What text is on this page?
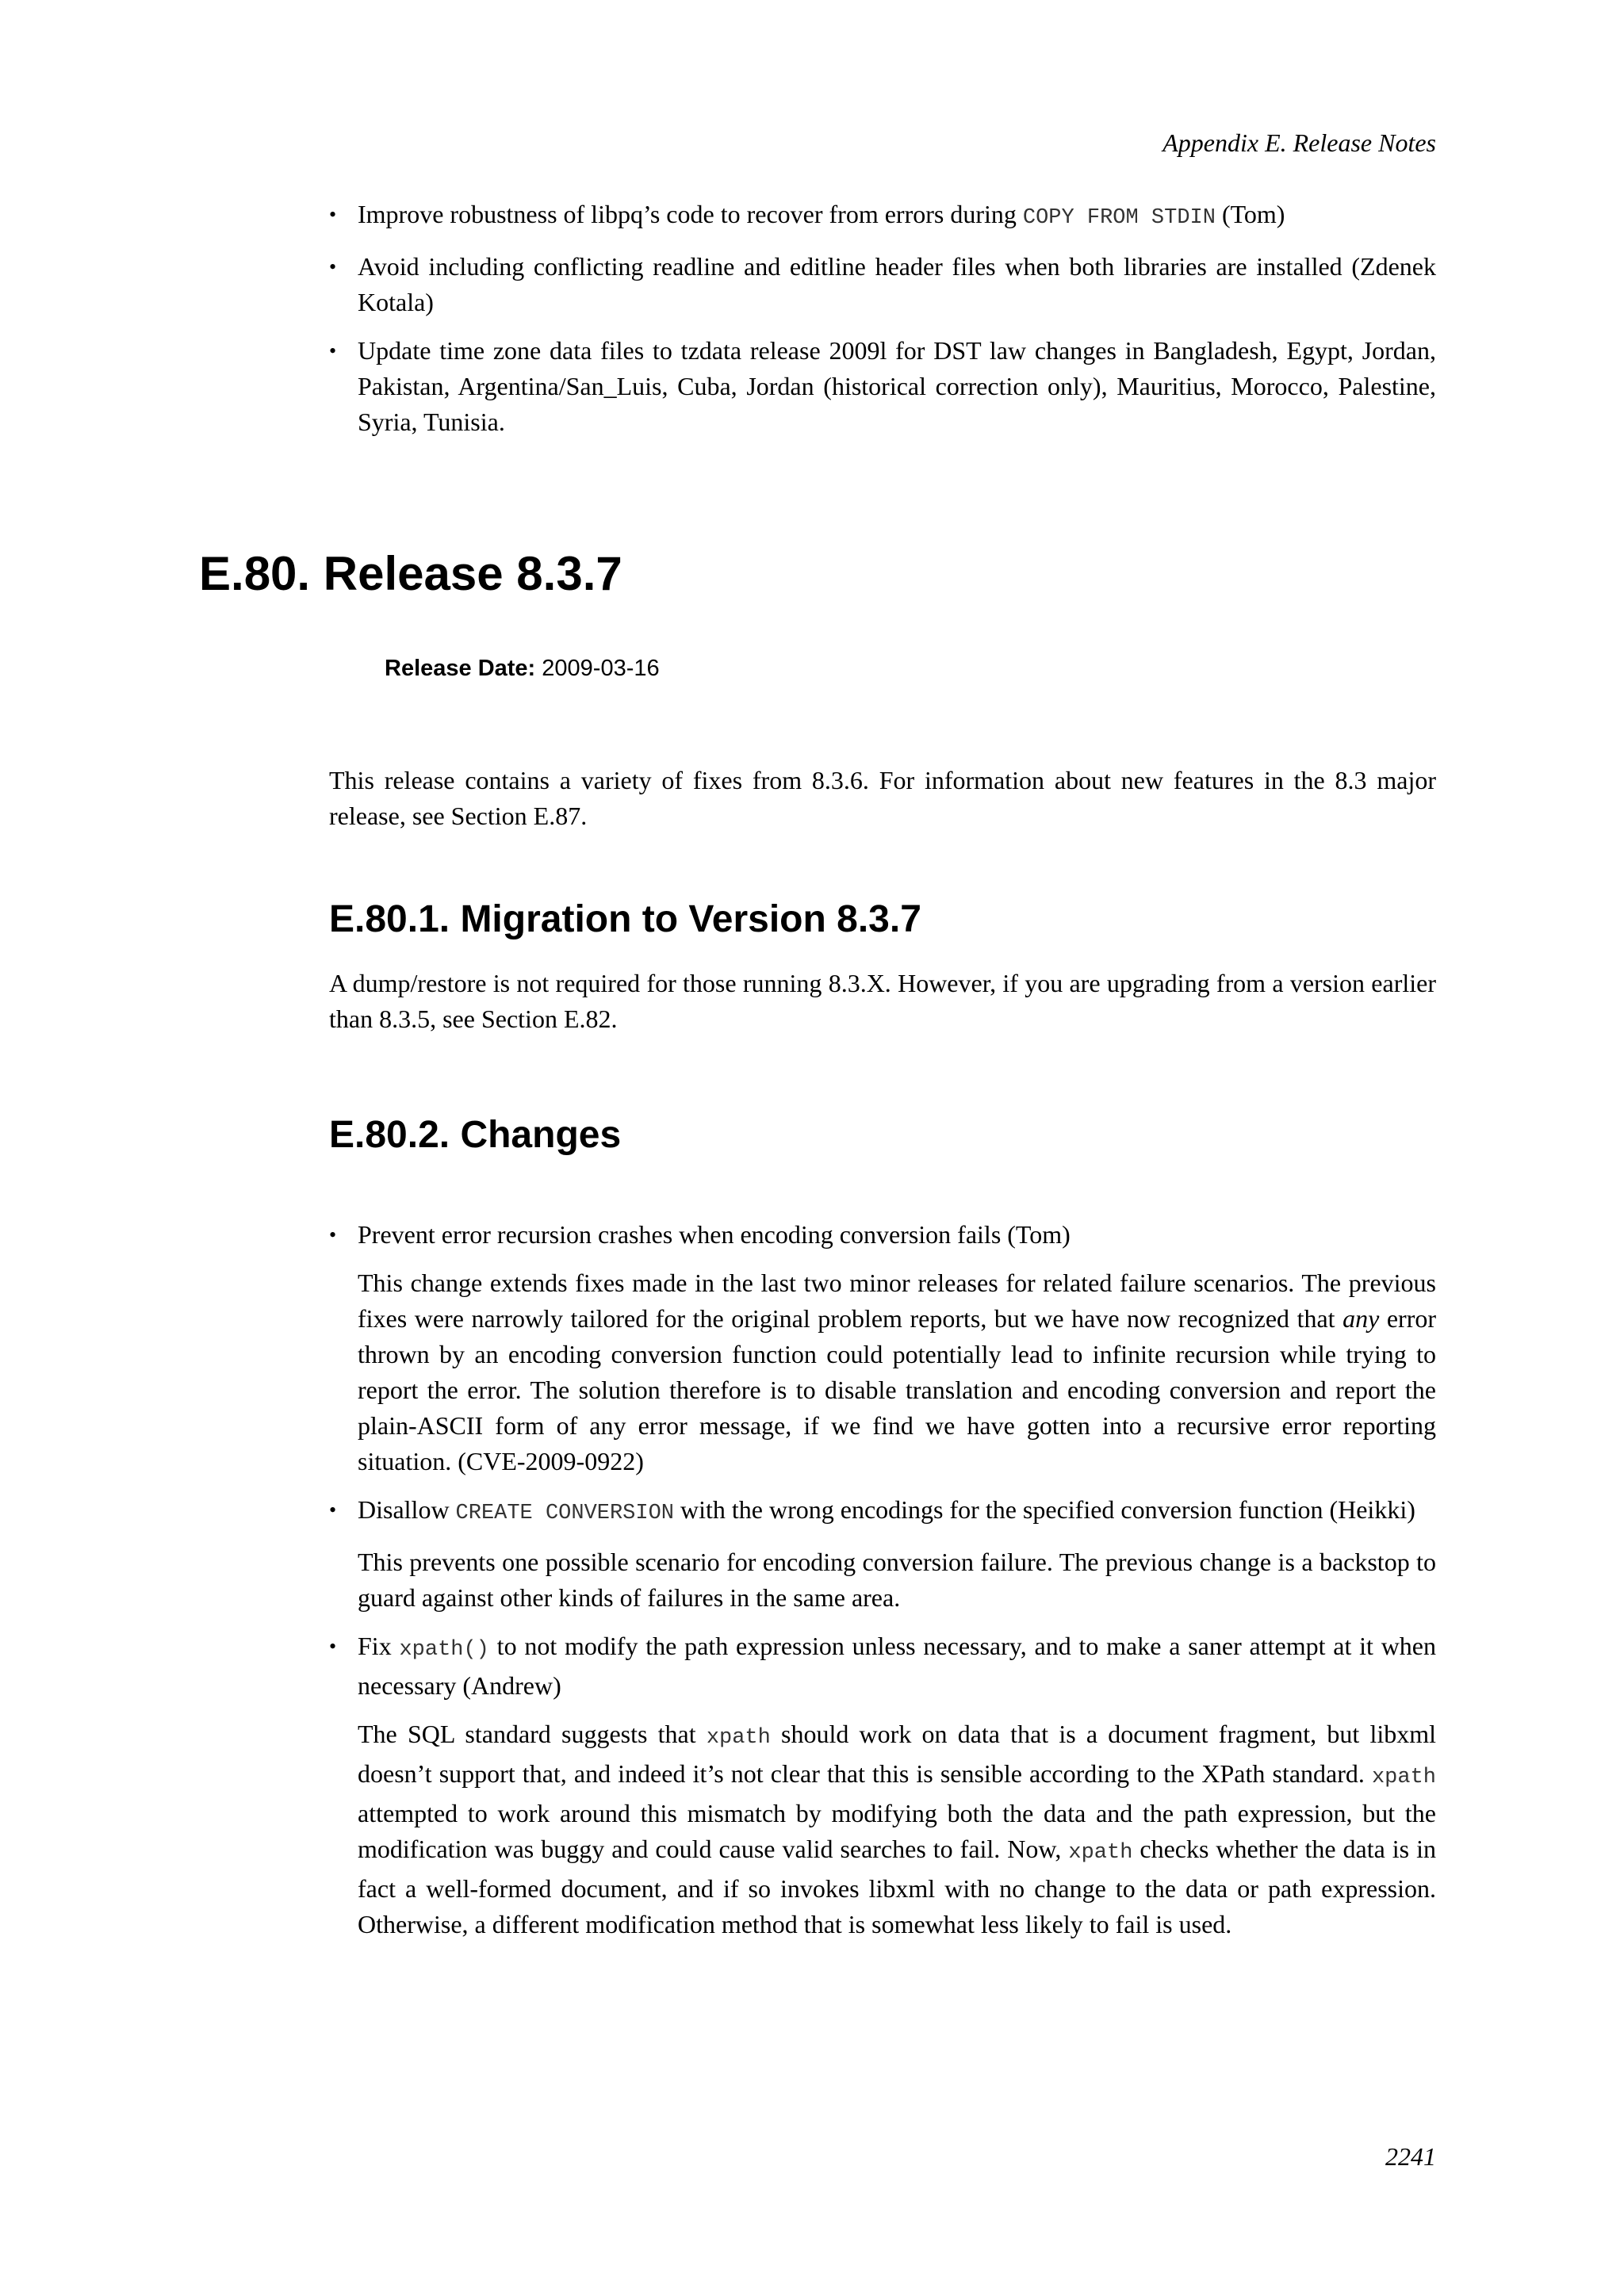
Appendix E. Release Notes
• Improve robustness of libpq’s code to recover from errors during COPY FROM STDIN (Tom)
• Avoid including conflicting readline and editline header files when both libraries are installed (Zdenek Kotala)
• Update time zone data files to tzdata release 2009l for DST law changes in Bangladesh, Egypt, Jordan, Pakistan, Argentina/San_Luis, Cuba, Jordan (historical correction only), Mauritius, Morocco, Palestine, Syria, Tunisia.
E.80. Release 8.3.7
Release Date: 2009-03-16

This release contains a variety of fixes from 8.3.6. For information about new features in the 8.3 major release, see Section E.87.

E.80.1. Migration to Version 8.3.7

A dump/restore is not required for those running 8.3.X. However, if you are upgrading from a version earlier than 8.3.5, see Section E.82.

E.80.2. Changes

• Prevent error recursion crashes when encoding conversion fails (Tom)

This change extends fixes made in the last two minor releases for related failure scenarios. The previous fixes were narrowly tailored for the original problem reports, but we have now recognized that any error thrown by an encoding conversion function could potentially lead to infinite recursion while trying to report the error. The solution therefore is to disable translation and encoding conversion and report the plain-ASCII form of any error message, if we find we have gotten into a recursive error reporting situation. (CVE-2009-0922)

• Disallow CREATE CONVERSION with the wrong encodings for the specified conversion function (Heikki)

This prevents one possible scenario for encoding conversion failure. The previous change is a backstop to guard against other kinds of failures in the same area.

• Fix xpath() to not modify the path expression unless necessary, and to make a saner attempt at it when necessary (Andrew)

The SQL standard suggests that xpath should work on data that is a document fragment, but libxml doesn’t support that, and indeed it’s not clear that this is sensible according to the XPath standard. xpath attempted to work around this mismatch by modifying both the data and the path expression, but the modification was buggy and could cause valid searches to fail. Now, xpath checks whether the data is in fact a well-formed document, and if so invokes libxml with no change to the data or path expression. Otherwise, a different modification method that is somewhat less likely to fail is used.

2241
